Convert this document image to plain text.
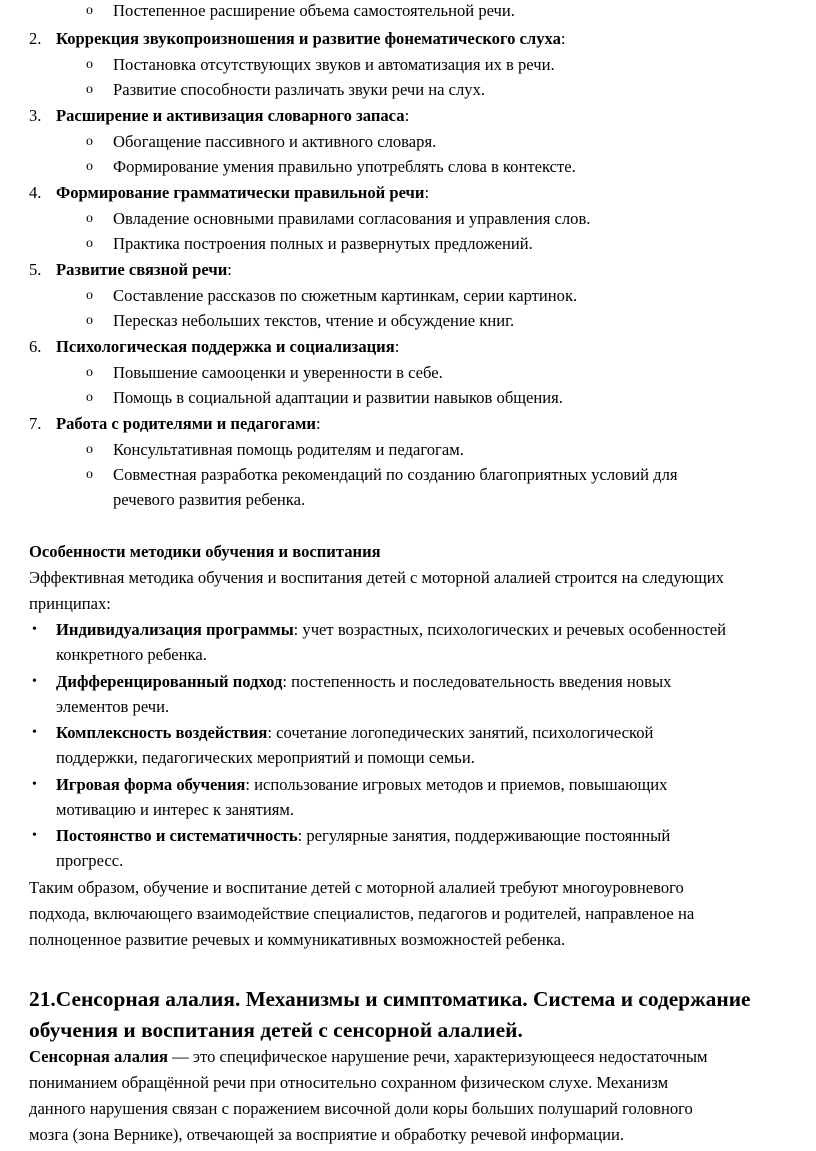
o Постепенное расширение объема самостоятельной речи.
2. Коррекция звукопроизношения и развитие фонематического слуха:
o Постановка отсутствующих звуков и автоматизация их в речи.
o Развитие способности различать звуки речи на слух.
3. Расширение и активизация словарного запаса:
o Обогащение пассивного и активного словаря.
o Формирование умения правильно употреблять слова в контексте.
4. Формирование грамматически правильной речи:
o Овладение основными правилами согласования и управления слов.
o Практика построения полных и развернутых предложений.
5. Развитие связной речи:
o Составление рассказов по сюжетным картинкам, серии картинок.
o Пересказ небольших текстов, чтение и обсуждение книг.
6. Психологическая поддержка и социализация:
o Повышение самооценки и уверенности в себе.
o Помощь в социальной адаптации и развитии навыков общения.
7. Работа с родителями и педагогами:
o Консультативная помощь родителям и педагогам.
o Совместная разработка рекомендаций по созданию благоприятных условий для
речевого развития ребенка.
Особенности методики обучения и воспитания
Эффективная методика обучения и воспитания детей с моторной алалией строится на следующих
принципах:
• Индивидуализация программы: учет возрастных, психологических и речевых особенностей
конкретного ребенка.
• Дифференцированный подход: постепенность и последовательность введения новых
элементов речи.
• Комплексность воздействия: сочетание логопедических занятий, психологической
поддержки, педагогических мероприятий и помощи семьи.
• Игровая форма обучения: использование игровых методов и приемов, повышающих
мотивацию и интерес к занятиям.
• Постоянство и систематичность: регулярные занятия, поддерживающие постоянный
прогресс.
Таким образом, обучение и воспитание детей с моторной алалией требуют многоуровневого
подхода, включающего взаимодействие специалистов, педагогов и родителей, направленое на
полноценное развитие речевых и коммуникативных возможностей ребенка.
21.Сенсорная алалия. Механизмы и симптоматика. Система и содержание
обучения и воспитания детей с сенсорной алалией.
Сенсорная алалия — это специфическое нарушение речи, характеризующееся недостаточным
пониманием обращённой речи при относительно сохранном физическом слухе. Механизм
данного нарушения связан с поражением височной доли коры больших полушарий головного
мозга (зона Вернике), отвечающей за восприятие и обработку речевой информации.
